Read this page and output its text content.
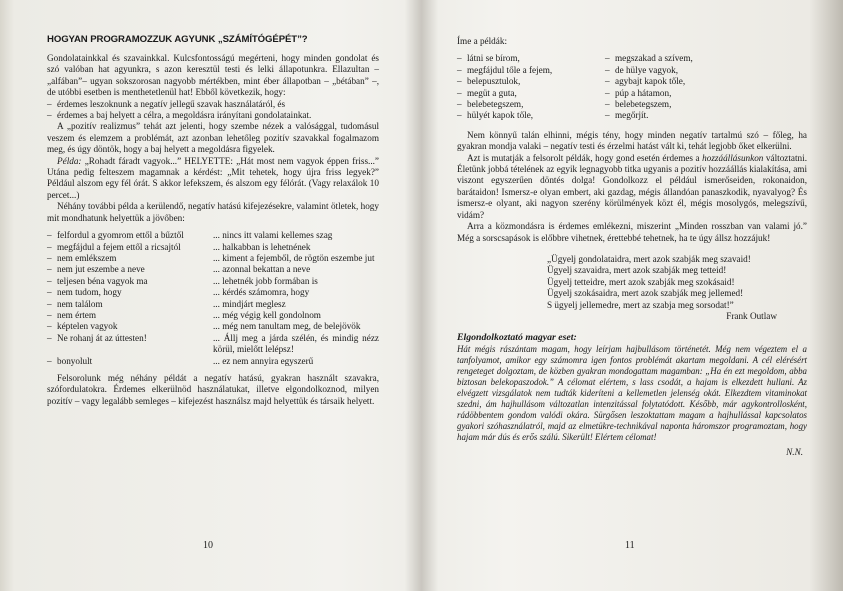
HOGYAN PROGRAMOZZUK AGYUNK „SZÁMÍTÓGÉPÉT”?

Gondolatainkkal és szavainkkal. Kulcsfontosságú megérteni, hogy minden gondolat és szó valóban hat agyunkra, s azon keresztül testi és lelki állapotunkra. Ellazultan – „alfában”– ugyan sokszorosan nagyobb mértékben, mint éber állapotban – „bétában” –, de utóbbi esetben is menthetetlenül hat! Ebből következik, hogy:

– érdemes leszoknunk a negatív jellegű szavak használatáról, és
– érdemes a baj helyett a célra, a megoldásra irányítani gondolatainkat.

A „pozitív realizmus” tehát azt jelenti, hogy szembe nézek a valósággal, tudomásul veszem és elemzem a problémát, azt azonban lehetőleg pozitív szavakkal fogalmazom meg, és úgy döntök, hogy a baj helyett a megoldásra figyelek.

Példa: „Rohadt fáradt vagyok...” HELYETTE: „Hát most nem vagyok éppen friss...” Utána pedig felteszem magamnak a kérdést: „Mit tehetek, hogy újra friss legyek?” Például alszom egy fél órát. S akkor lefekszem, és alszom egy félórát. (Vagy relaxálok 10 percet...)

Néhány további példa a kerülendő, negatív hatású kifejezésekre, valamint ötletek, hogy mit mondhatunk helyettük a jövőben:

– felfordul a gyomrom ettől a bűztől	... nincs itt valami kellemes szag
– megfájdul a fejem ettől a ricsajtól	... halkabban is lehetnének
– nem emlékszem	... kiment a fejemből, de rögtön eszembe jut
– nem jut eszembe a neve	... azonnal bekattan a neve
– teljesen béna vagyok ma	... lehetnék jobb formában is
– nem tudom, hogy	... kérdés számomra, hogy
– nem találom	... mindjárt meglesz
– nem értem	... még végig kell gondolnom
– képtelen vagyok	... még nem tanultam meg, de belejövök
– Ne rohanj át az úttesten!	... Állj meg a járda szélén, és mindig nézz körül, mielőtt lelépsz!
– bonyolult	... ez nem annyira egyszerű

Felsorolunk még néhány példát a negatív hatású, gyakran használt szavakra, szófordulatokra. Érdemes elkerülnöd használatukat, illetve elgondolkoznod, milyen pozitív – vagy legalább semleges – kifejezést használsz majd helyettük és társaik helyett.

10

Íme a példák:

– látni se bírom,	– megszakad a szívem,
– megfájdul tőle a fejem,	– de hülye vagyok,
– belepusztulok,	– agybajt kapok tőle,
– megüt a guta,	– púp a hátamon,
– belebetegszem,	– belebetegszem,
– hülyét kapok tőle,	– megőrjít.

Nem könnyű talán elhinni, mégis tény, hogy minden negatív tartalmú szó – főleg, ha gyakran mondja valaki – negatív testi és érzelmi hatást vált ki, tehát legjobb őket elkerülni.

Azt is mutatják a felsorolt példák, hogy gond esetén érdemes a hozzáállásunkon változtatni. Életünk jobbá tételének az egyik legnagyobb titka ugyanis a pozitív hozzáállás kialakítása, ami viszont egyszerűen döntés dolga! Gondolkozz el például ismerőseiden, rokonaidon, barátaidon! Ismersz-e olyan embert, aki gazdag, mégis állandóan panaszkodik, nyavalyog? És ismersz-e olyant, aki nagyon szerény körülmények közt él, mégis mosolygós, melegszívű, vidám?

Arra a közmondásra is érdemes emlékezni, miszerint „Minden rosszban van valami jó.” Még a sorscsapások is előbbre vihetnek, érettebbé tehetnek, ha te úgy állsz hozzájuk!

„Ügyelj gondolataidra, mert azok szabják meg szavaid!
Ügyelj szavaidra, mert azok szabják meg tetteid!
Ügyelj tetteidre, mert azok szabják meg szokásaid!
Ügyelj szokásaidra, mert azok szabják meg jellemed!
S ügyelj jellemedre, mert az szabja meg sorsodat!”
Frank Outlaw
Elgondolkoztató magyar eset:

Hát mégis rászántam magam, hogy leírjam hajbullásom történetét. Még nem végeztem el a tanfolyamot, amikor egy számomra igen fontos problémát akartam megoldani. A cél elérésért rengeteget dolgoztam, de közben gyakran mondogattam magamban: „Ha én ezt megoldom, abba biztosan belekopaszodok.” A célomat elértem, s lass csodát, a hajam is elkezdett hullani. Az elvégzett vizsgálatok nem tudták kideríteni a kellemetlen jelenség okát. Elkezdtem vitaminokat szedni, ám hajhullásom változatlan intenzitással folytatódott. Később, már agykontrollosként, rádöbbentem gondom valódi okára. Sürgősen leszoktattam magam a hajhullással kapcsolatos gyakori szóhasználatról, majd az elmetükre-technikával naponta háromszor programoztam, hogy hajam már dús és erős szálú. Sikerült! Elértem célomat!

N.N.
11
